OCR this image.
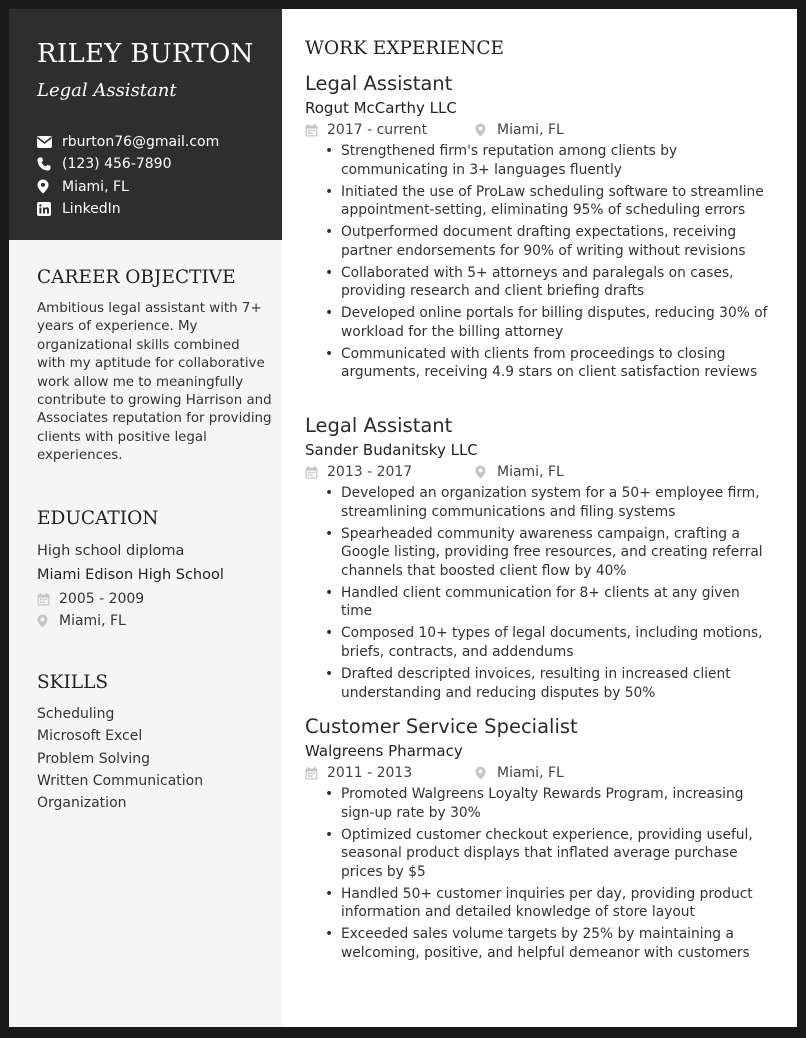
RILEY BURTON
Legal Assistant
rburton76@gmail.com
(123) 456-7890
Miami, FL
LinkedIn
CAREER OBJECTIVE
Ambitious legal assistant with 7+ years of experience. My organizational skills combined with my aptitude for collaborative work allow me to meaningfully contribute to growing Harrison and Associates reputation for providing clients with positive legal experiences.
EDUCATION
High school diploma
Miami Edison High School
2005 - 2009
Miami, FL
SKILLS
Scheduling
Microsoft Excel
Problem Solving
Written Communication
Organization
WORK EXPERIENCE
Legal Assistant
Rogut McCarthy LLC
2017 - current	Miami, FL
• Strengthened firm's reputation among clients by communicating in 3+ languages fluently
• Initiated the use of ProLaw scheduling software to streamline appointment-setting, eliminating 95% of scheduling errors
• Outperformed document drafting expectations, receiving partner endorsements for 90% of writing without revisions
• Collaborated with 5+ attorneys and paralegals on cases, providing research and client briefing drafts
• Developed online portals for billing disputes, reducing 30% of workload for the billing attorney
• Communicated with clients from proceedings to closing arguments, receiving 4.9 stars on client satisfaction reviews
Legal Assistant
Sander Budanitsky LLC
2013 - 2017	Miami, FL
• Developed an organization system for a 50+ employee firm, streamlining communications and filing systems
• Spearheaded community awareness campaign, crafting a Google listing, providing free resources, and creating referral channels that boosted client flow by 40%
• Handled client communication for 8+ clients at any given time
• Composed 10+ types of legal documents, including motions, briefs, contracts, and addendums
• Drafted descripted invoices, resulting in increased client understanding and reducing disputes by 50%
Customer Service Specialist
Walgreens Pharmacy
2011 - 2013	Miami, FL
• Promoted Walgreens Loyalty Rewards Program, increasing sign-up rate by 30%
• Optimized customer checkout experience, providing useful, seasonal product displays that inflated average purchase prices by $5
• Handled 50+ customer inquiries per day, providing product information and detailed knowledge of store layout
• Exceeded sales volume targets by 25% by maintaining a welcoming, positive, and helpful demeanor with customers
